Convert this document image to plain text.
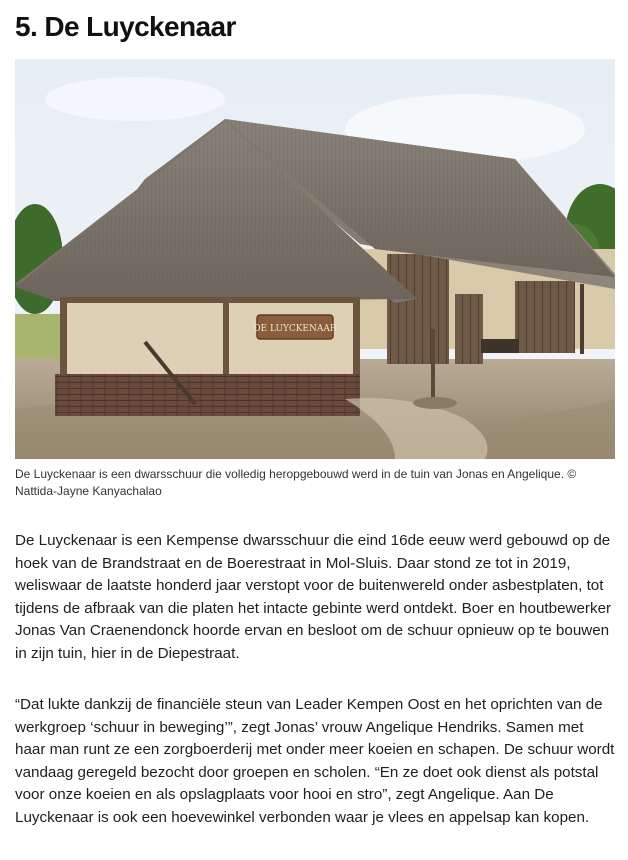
5. De Luyckenaar
DE LUYCKENAAR
De Luyckenaar is een dwarsschuur die volledig heropgebouwd werd in de tuin van Jonas en Angelique. © Nattida-Jayne Kanyachalao

De Luyckenaar is een Kempense dwarsschuur die eind 16de eeuw werd gebouwd op de hoek van de Brandstraat en de Boerestraat in Mol-Sluis. Daar stond ze tot in 2019, weliswaar de laatste honderd jaar verstopt voor de buitenwereld onder asbestplaten, tot tijdens de afbraak van die platen het intacte gebinte werd ontdekt. Boer en houtbewerker Jonas Van Craenendonck hoorde ervan en besloot om de schuur opnieuw op te bouwen in zijn tuin, hier in de Diepestraat.

“Dat lukte dankzij de financiële steun van Leader Kempen Oost en het oprichten van de werkgroep ‘schuur in beweging’”, zegt Jonas’ vrouw Angelique Hendriks. Samen met haar man runt ze een zorgboerderij met onder meer koeien en schapen. De schuur wordt vandaag geregeld bezocht door groepen en scholen. “En ze doet ook dienst als potstal voor onze koeien en als opslagplaats voor hooi en stro”, zegt Angelique. Aan De Luyckenaar is ook een hoevewinkel verbonden waar je vlees en appelsap kan kopen.
